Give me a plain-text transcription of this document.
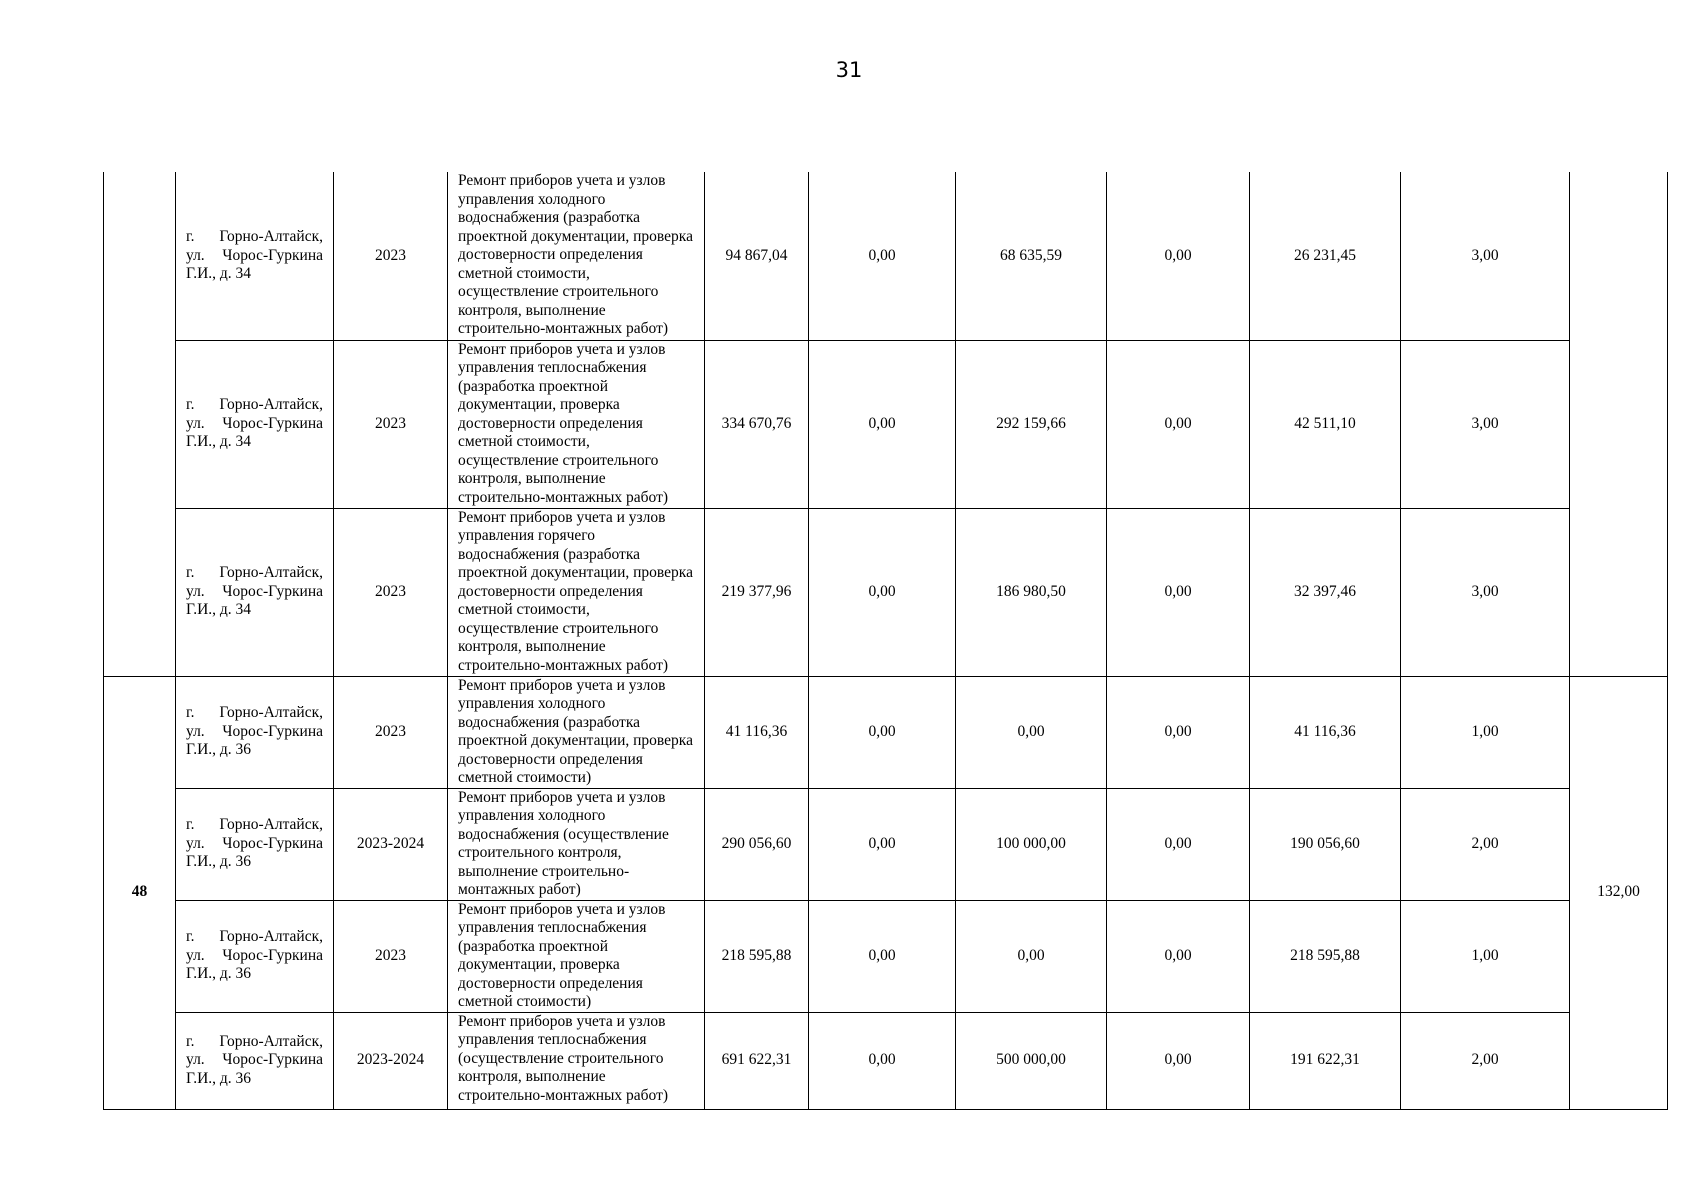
31
	г. Горно-Алтайск, ул. Чорос-Гуркина Г.И., д. 34	2023	Ремонт приборов учета и узлов управления холодного водоснабжения (разработка проектной документации, проверка достоверности определения сметной стоимости, осуществление строительного контроля, выполнение строительно-монтажных работ)	94 867,04	0,00	68 635,59	0,00	26 231,45	3,00	
	г. Горно-Алтайск, ул. Чорос-Гуркина Г.И., д. 34	2023	Ремонт приборов учета и узлов управления теплоснабжения (разработка проектной документации, проверка достоверности определения сметной стоимости, осуществление строительного контроля, выполнение строительно-монтажных работ)	334 670,76	0,00	292 159,66	0,00	42 511,10	3,00	
	г. Горно-Алтайск, ул. Чорос-Гуркина Г.И., д. 34	2023	Ремонт приборов учета и узлов управления горячего водоснабжения (разработка проектной документации, проверка достоверности определения сметной стоимости, осуществление строительного контроля, выполнение строительно-монтажных работ)	219 377,96	0,00	186 980,50	0,00	32 397,46	3,00	
48	г. Горно-Алтайск, ул. Чорос-Гуркина Г.И., д. 36	2023	Ремонт приборов учета и узлов управления холодного водоснабжения (разработка проектной документации, проверка достоверности определения сметной стоимости)	41 116,36	0,00	0,00	0,00	41 116,36	1,00	132,00
	г. Горно-Алтайск, ул. Чорос-Гуркина Г.И., д. 36	2023-2024	Ремонт приборов учета и узлов управления холодного водоснабжения (осуществление строительного контроля, выполнение строительно-монтажных работ)	290 056,60	0,00	100 000,00	0,00	190 056,60	2,00	
	г. Горно-Алтайск, ул. Чорос-Гуркина Г.И., д. 36	2023	Ремонт приборов учета и узлов управления теплоснабжения (разработка проектной документации, проверка достоверности определения сметной стоимости)	218 595,88	0,00	0,00	0,00	218 595,88	1,00	
	г. Горно-Алтайск, ул. Чорос-Гуркина Г.И., д. 36	2023-2024	Ремонт приборов учета и узлов управления теплоснабжения (осуществление строительного контроля, выполнение строительно-монтажных работ)	691 622,31	0,00	500 000,00	0,00	191 622,31	2,00	
